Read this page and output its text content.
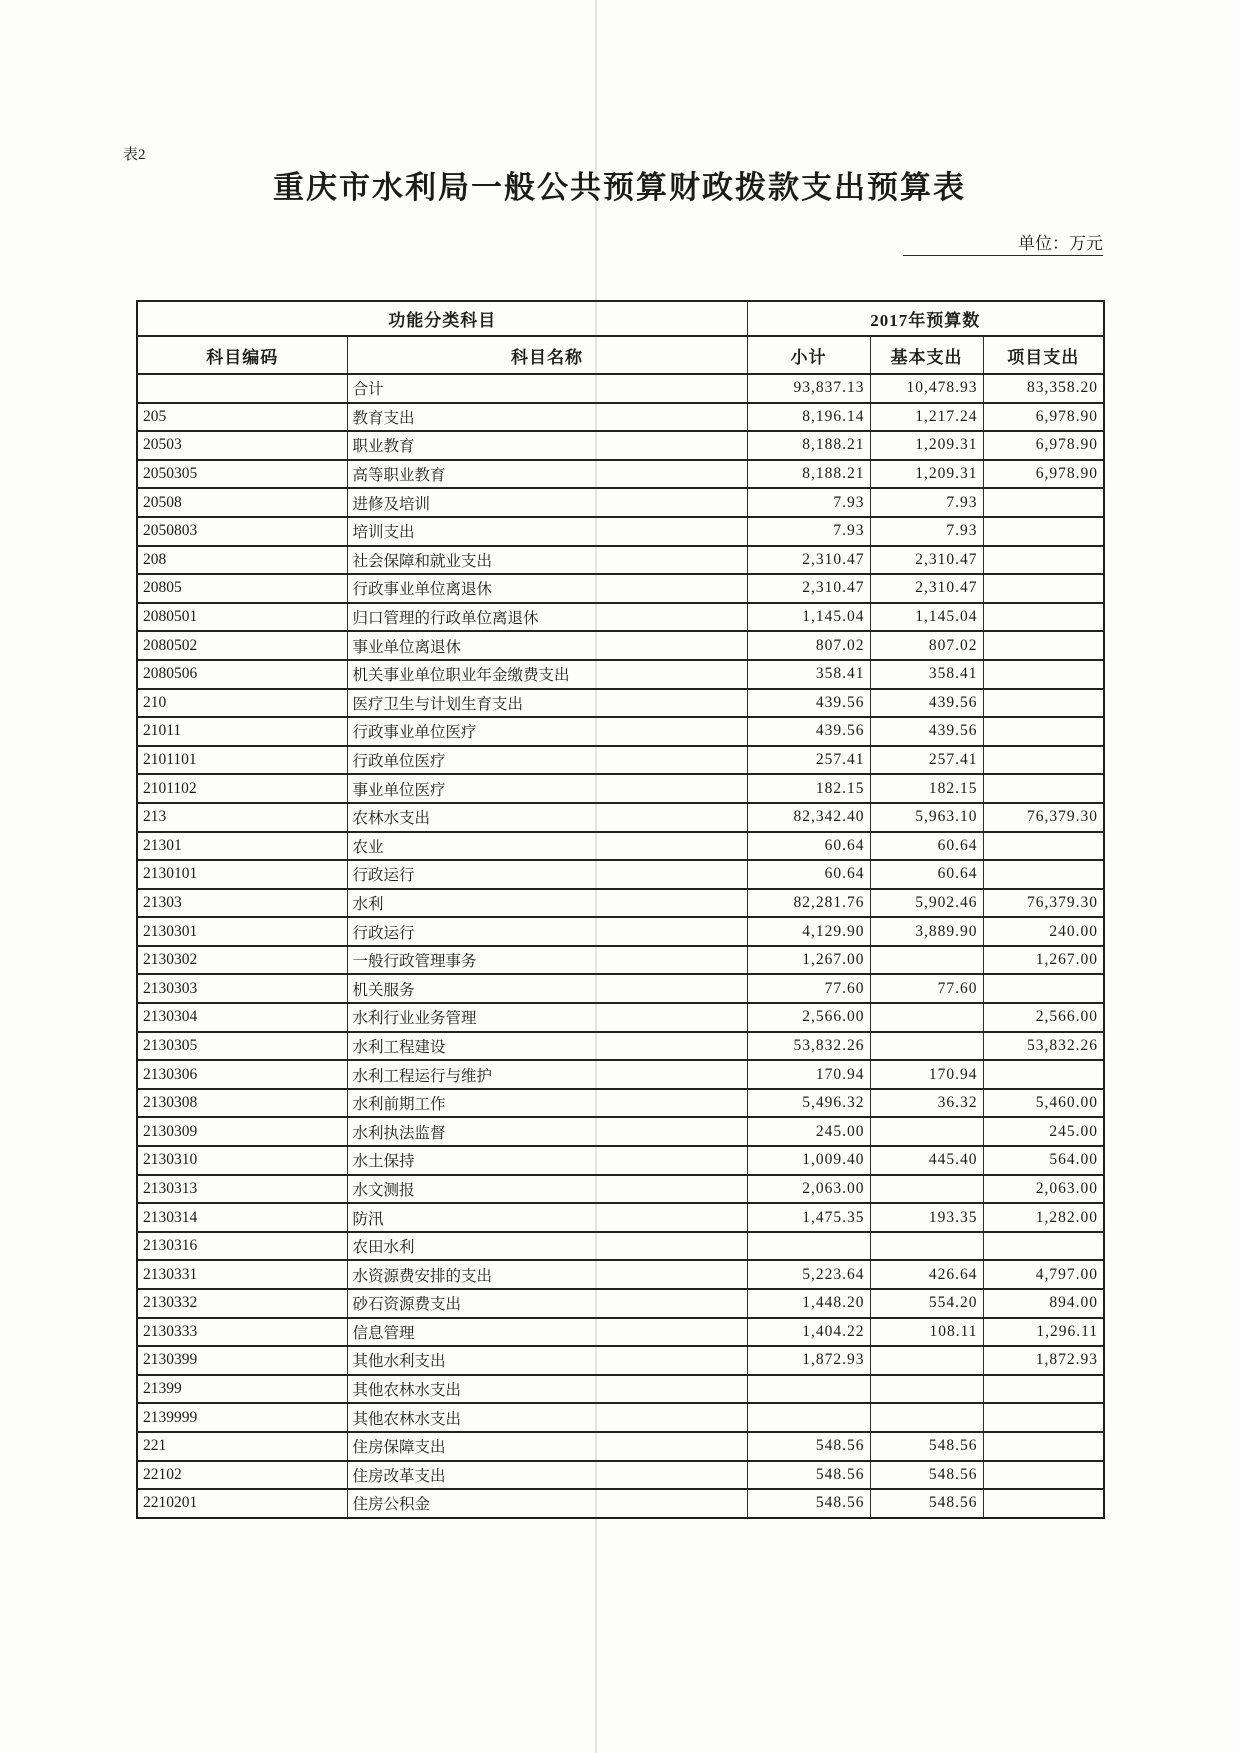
表2
重庆市水利局一般公共预算财政拨款支出预算表
单位：万元
功能分类科目		2017年预算数		
科目编码	科目名称	小计	基本支出	项目支出
	合计	93,837.13	10,478.93	83,358.20
205	教育支出	8,196.14	1,217.24	6,978.90
20503	职业教育	8,188.21	1,209.31	6,978.90
2050305	高等职业教育	8,188.21	1,209.31	6,978.90
20508	进修及培训	7.93	7.93	
2050803	培训支出	7.93	7.93	
208	社会保障和就业支出	2,310.47	2,310.47	
20805	行政事业单位离退休	2,310.47	2,310.47	
2080501	归口管理的行政单位离退休	1,145.04	1,145.04	
2080502	事业单位离退休	807.02	807.02	
2080506	机关事业单位职业年金缴费支出	358.41	358.41	
210	医疗卫生与计划生育支出	439.56	439.56	
21011	行政事业单位医疗	439.56	439.56	
2101101	行政单位医疗	257.41	257.41	
2101102	事业单位医疗	182.15	182.15	
213	农林水支出	82,342.40	5,963.10	76,379.30
21301	农业	60.64	60.64	
2130101	行政运行	60.64	60.64	
21303	水利	82,281.76	5,902.46	76,379.30
2130301	行政运行	4,129.90	3,889.90	240.00
2130302	一般行政管理事务	1,267.00		1,267.00
2130303	机关服务	77.60	77.60	
2130304	水利行业业务管理	2,566.00		2,566.00
2130305	水利工程建设	53,832.26		53,832.26
2130306	水利工程运行与维护	170.94	170.94	
2130308	水利前期工作	5,496.32	36.32	5,460.00
2130309	水利执法监督	245.00		245.00
2130310	水土保持	1,009.40	445.40	564.00
2130313	水文测报	2,063.00		2,063.00
2130314	防汛	1,475.35	193.35	1,282.00
2130316	农田水利			
2130331	水资源费安排的支出	5,223.64	426.64	4,797.00
2130332	砂石资源费支出	1,448.20	554.20	894.00
2130333	信息管理	1,404.22	108.11	1,296.11
2130399	其他水利支出	1,872.93		1,872.93
21399	其他农林水支出			
2139999	其他农林水支出			
221	住房保障支出	548.56	548.56	
22102	住房改革支出	548.56	548.56	
2210201	住房公积金	548.56	548.56	
